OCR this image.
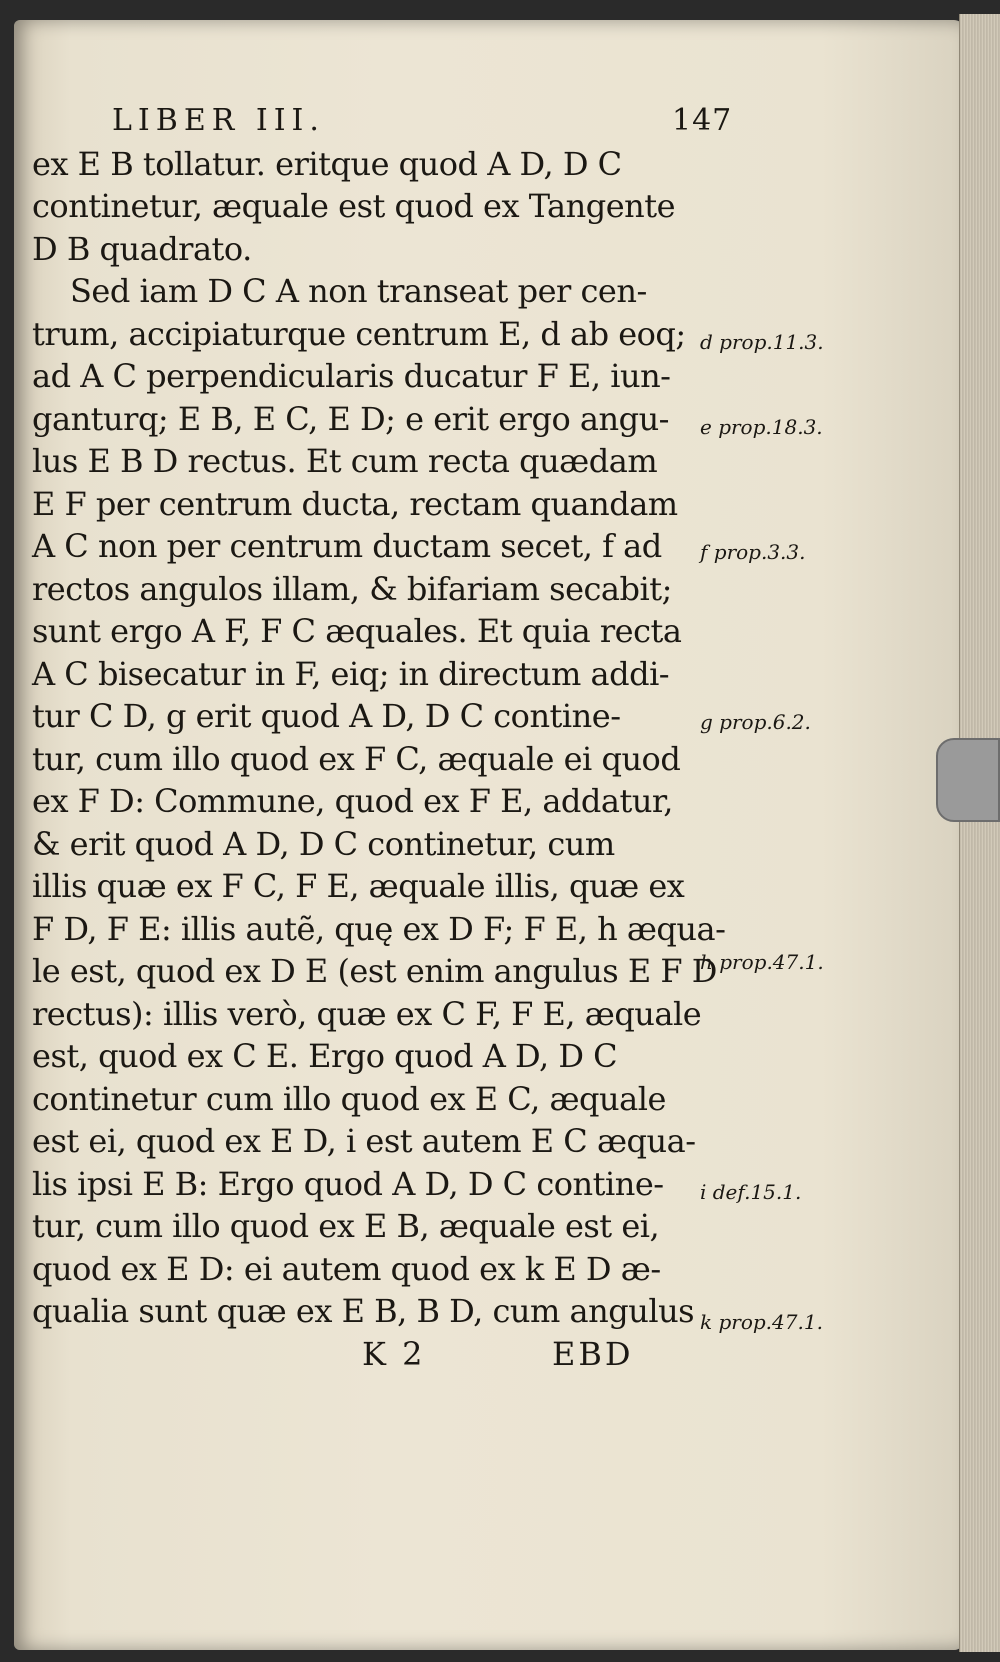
LIBER III.	147
ex E B tollatur. eritque quod A D, D C
continetur, æquale est quod ex Tangente
D B quadrato.
Sed iam D C A non transeat per cen-
trum, accipiaturque centrum E, d ab eoq;
ad A C perpendicularis ducatur F E, iun-
ganturq; E B, E C, E D; e erit ergo angu-
lus E B D rectus. Et cum recta quædam
E F per centrum ducta, rectam quandam
A C non per centrum ductam secet, f ad
rectos angulos illam, & bifariam secabit;
sunt ergo A F, F C æquales. Et quia recta
A C bisecatur in F, eiq; in directum addi-
tur C D, g erit quod A D, D C contine-
tur, cum illo quod ex F C, æquale ei quod
ex F D: Commune, quod ex F E, addatur,
& erit quod A D, D C continetur, cum
illis quæ ex F C, F E, æquale illis, quæ ex
F D, F E: illis autẽ, quę ex D F; F E, h æqua-
le est, quod ex D E (est enim angulus E F D
rectus): illis verò, quæ ex C F, F E, æquale
est, quod ex C E. Ergo quod A D, D C
continetur cum illo quod ex E C, æquale
est ei, quod ex E D, i est autem E C æqua-
lis ipsi E B: Ergo quod A D, D C contine-
tur, cum illo quod ex E B, æquale est ei,
quod ex E D: ei autem quod ex k E D æ-
qualia sunt quæ ex E B, B D, cum angulus
K 2	EBD
d prop.11.3.
e prop.18.3.
f prop.3.3.
g prop.6.2.
h prop.47.1.
i def.15.1.
k prop.47.1.
